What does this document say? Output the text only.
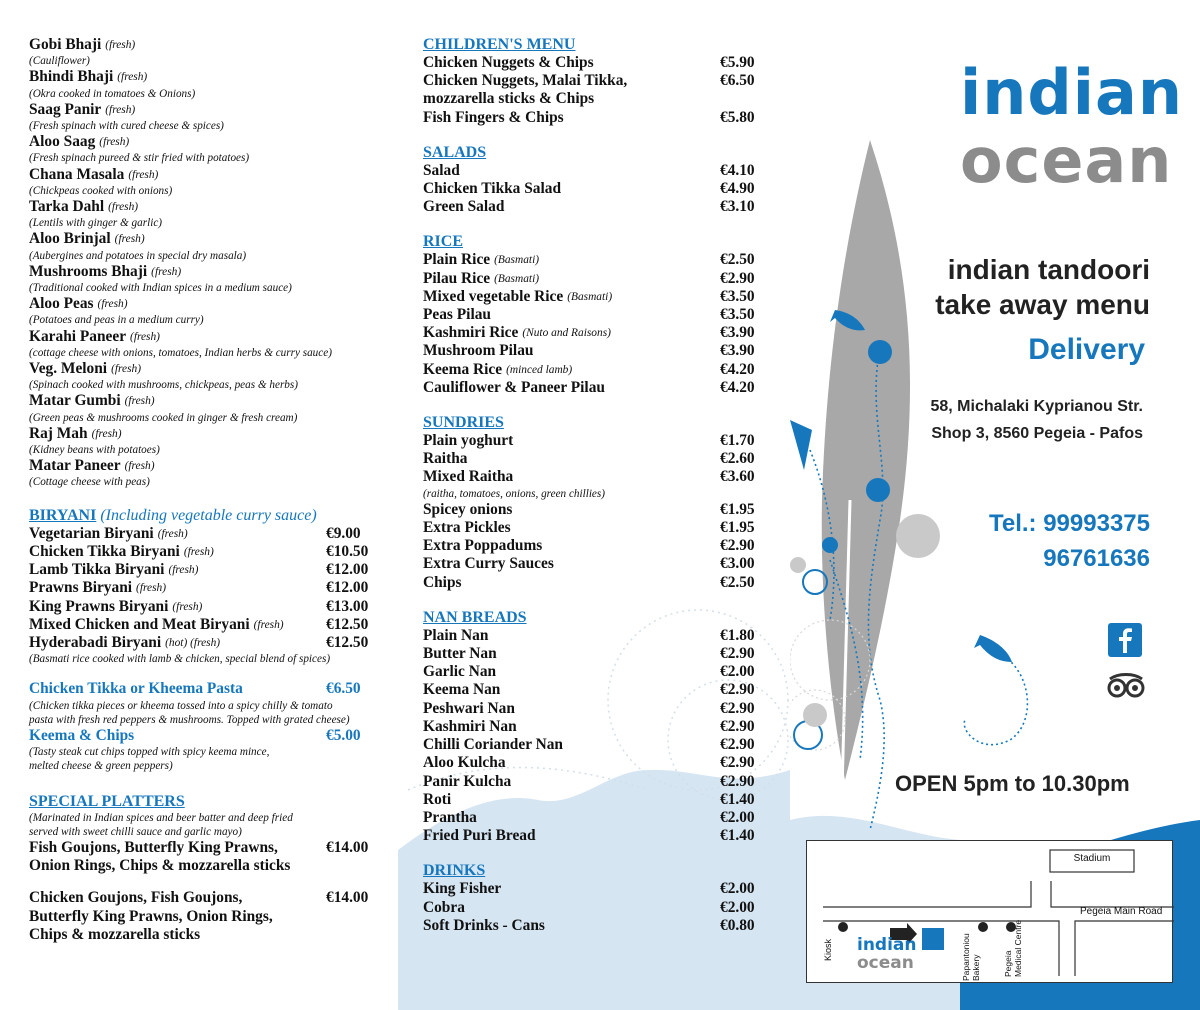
Gobi Bhaji (fresh)
(Cauliflower)
Bhindi Bhaji (fresh)
(Okra cooked in tomatoes & Onions)
Saag Panir (fresh)
(Fresh spinach with cured cheese & spices)
Aloo Saag (fresh)
(Fresh spinach pureed & stir fried with potatoes)
Chana Masala (fresh)
(Chickpeas cooked with onions)
Tarka Dahl (fresh)
(Lentils with ginger & garlic)
Aloo Brinjal (fresh)
(Aubergines and potatoes in special dry masala)
Mushrooms Bhaji (fresh)
(Traditional cooked with Indian spices in a medium sauce)
Aloo Peas (fresh)
(Potatoes and peas in a medium curry)
Karahi Paneer (fresh)
(cottage cheese with onions, tomatoes, Indian herbs & curry sauce)
Veg. Meloni (fresh)
(Spinach cooked with mushrooms, chickpeas, peas & herbs)
Matar Gumbi (fresh)
(Green peas & mushrooms cooked in ginger & fresh cream)
Raj Mah (fresh)
(Kidney beans with potatoes)
Matar Paneer (fresh)
(Cottage cheese with peas)
BIRYANI (Including vegetable curry sauce)
Vegetarian Biryani (fresh)	€9.00
Chicken Tikka Biryani (fresh)	€10.50
Lamb Tikka Biryani (fresh)	€12.00
Prawns Biryani (fresh)	€12.00
King Prawns Biryani (fresh)	€13.00
Mixed Chicken and Meat Biryani (fresh)	€12.50
Hyderabadi Biryani (hot) (fresh)	€12.50
(Basmati rice cooked with lamb & chicken, special blend of spices)
Chicken Tikka or Kheema Pasta	€6.50
(Chicken tikka pieces or kheema tossed into a spicy chilly & tomato
pasta with fresh red peppers & mushrooms. Topped with grated cheese)
Keema & Chips	€5.00
(Tasty steak cut chips topped with spicy keema mince,
melted cheese & green peppers)
SPECIAL PLATTERS
(Marinated in Indian spices and beer batter and deep fried
served with sweet chilli sauce and garlic mayo)
Fish Goujons, Butterfly King Prawns,	€14.00
Onion Rings, Chips & mozzarella sticks
Chicken Goujons, Fish Goujons,	€14.00
Butterfly King Prawns, Onion Rings,
Chips & mozzarella sticks
CHILDREN'S MENU
Chicken Nuggets & Chips	€5.90
Chicken Nuggets, Malai Tikka,	€6.50
mozzarella sticks & Chips
Fish Fingers & Chips	€5.80
SALADS
Salad	€4.10
Chicken Tikka Salad	€4.90
Green Salad	€3.10
RICE
Plain Rice (Basmati)	€2.50
Pilau Rice (Basmati)	€2.90
Mixed vegetable Rice (Basmati)	€3.50
Peas Pilau	€3.50
Kashmiri Rice (Nuto and Raisons)	€3.90
Mushroom Pilau	€3.90
Keema Rice (minced lamb)	€4.20
Cauliflower & Paneer Pilau	€4.20
SUNDRIES
Plain yoghurt	€1.70
Raitha	€2.60
Mixed Raitha	€3.60
(raitha, tomatoes, onions, green chillies)
Spicey onions	€1.95
Extra Pickles	€1.95
Extra Poppadums	€2.90
Extra Curry Sauces	€3.00
Chips	€2.50
NAN BREADS
Plain Nan	€1.80
Butter Nan	€2.90
Garlic Nan	€2.00
Keema Nan	€2.90
Peshwari Nan	€2.90
Kashmiri Nan	€2.90
Chilli Coriander Nan	€2.90
Aloo Kulcha	€2.90
Panir Kulcha	€2.90
Roti	€1.40
Prantha	€2.00
Fried Puri Bread	€1.40
DRINKS
King Fisher	€2.00
Cobra	€2.00
Soft Drinks - Cans	€0.80
indian
ocean
indian tandoori
take away menu
Delivery
58, Michalaki Kyprianou Str.
Shop 3, 8560 Pegeia - Pafos
Tel.: 99993375
96761636
OPEN 5pm to 10.30pm
Stadium
Pegeia Main Road
Kiosk	Papantoniou Bakery	Pegeia Medical Centre
indian
ocean
